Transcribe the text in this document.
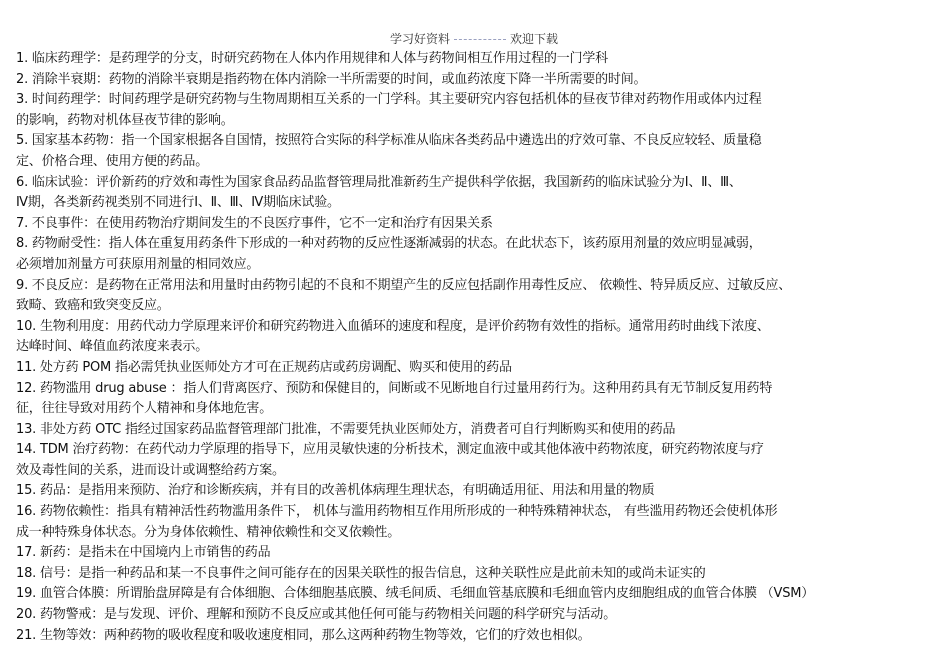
学习好资料	欢迎下载
1. 临床药理学：是药理学的分支，时研究药物在人体内作用规律和人体与药物间相互作用过程的一门学科
2. 消除半衰期：药物的消除半衰期是指药物在体内消除一半所需要的时间，或血药浓度下降一半所需要的时间。
3. 时间药理学：时间药理学是研究药物与生物周期相互关系的一门学科。其主要研究内容包括机体的昼夜节律对药物作用或体内过程
的影响，药物对机体昼夜节律的影响。
5. 国家基本药物：指一个国家根据各自国情，按照符合实际的科学标准从临床各类药品中遴选出的疗效可靠、不良反应较轻、质量稳
定、价格合理、使用方便的药品。
6. 临床试验：评价新药的疗效和毒性为国家食品药品监督管理局批准新药生产提供科学依据，我国新药的临床试验分为Ⅰ、Ⅱ、Ⅲ、
Ⅳ期，各类新药视类别不同进行Ⅰ、Ⅱ、Ⅲ、Ⅳ期临床试验。
7. 不良事件：在使用药物治疗期间发生的不良医疗事件，它不一定和治疗有因果关系
8. 药物耐受性：指人体在重复用药条件下形成的一种对药物的反应性逐渐减弱的状态。在此状态下，该药原用剂量的效应明显减弱，
必须增加剂量方可获原用剂量的相同效应。
9. 不良反应：是药物在正常用法和用量时由药物引起的不良和不期望产生的反应包括副作用毒性反应、 依赖性、特异质反应、过敏反应、
致畸、致癌和致突变反应。
10. 生物利用度：用药代动力学原理来评价和研究药物进入血循环的速度和程度，是评价药物有效性的指标。通常用药时曲线下浓度、
达峰时间、峰值血药浓度来表示。
11. 处方药 POM 指必需凭执业医师处方才可在正规药店或药房调配、购买和使用的药品
12. 药物滥用 drug abuse ：指人们背离医疗、预防和保健目的，间断或不见断地自行过量用药行为。这种用药具有无节制反复用药特
征，往往导致对用药个人精神和身体地危害。
13. 非处方药 OTC 指经过国家药品监督管理部门批准，不需要凭执业医师处方，消费者可自行判断购买和使用的药品
14. TDM 治疗药物：在药代动力学原理的指导下，应用灵敏快速的分析技术，测定血液中或其他体液中药物浓度，研究药物浓度与疗
效及毒性间的关系，进而设计或调整给药方案。
15. 药品：是指用来预防、治疗和诊断疾病，并有目的改善机体病理生理状态，有明确适用征、用法和用量的物质
16. 药物依赖性：指具有精神活性药物滥用条件下， 机体与滥用药物相互作用所形成的一种特殊精神状态， 有些滥用药物还会使机体形
成一种特殊身体状态。分为身体依赖性、精神依赖性和交叉依赖性。
17. 新药：是指未在中国境内上市销售的药品
18. 信号：是指一种药品和某一不良事件之间可能存在的因果关联性的报告信息，这种关联性应是此前未知的或尚未证实的
19. 血管合体膜：所谓胎盘屏障是有合体细胞、合体细胞基底膜、绒毛间质、毛细血管基底膜和毛细血管内皮细胞组成的血管合体膜 （VSM）
20. 药物警戒：是与发现、评价、理解和预防不良反应或其他任何可能与药物相关问题的科学研究与活动。
21. 生物等效：两种药物的吸收程度和吸收速度相同，那么这两种药物生物等效，它们的疗效也相似。
